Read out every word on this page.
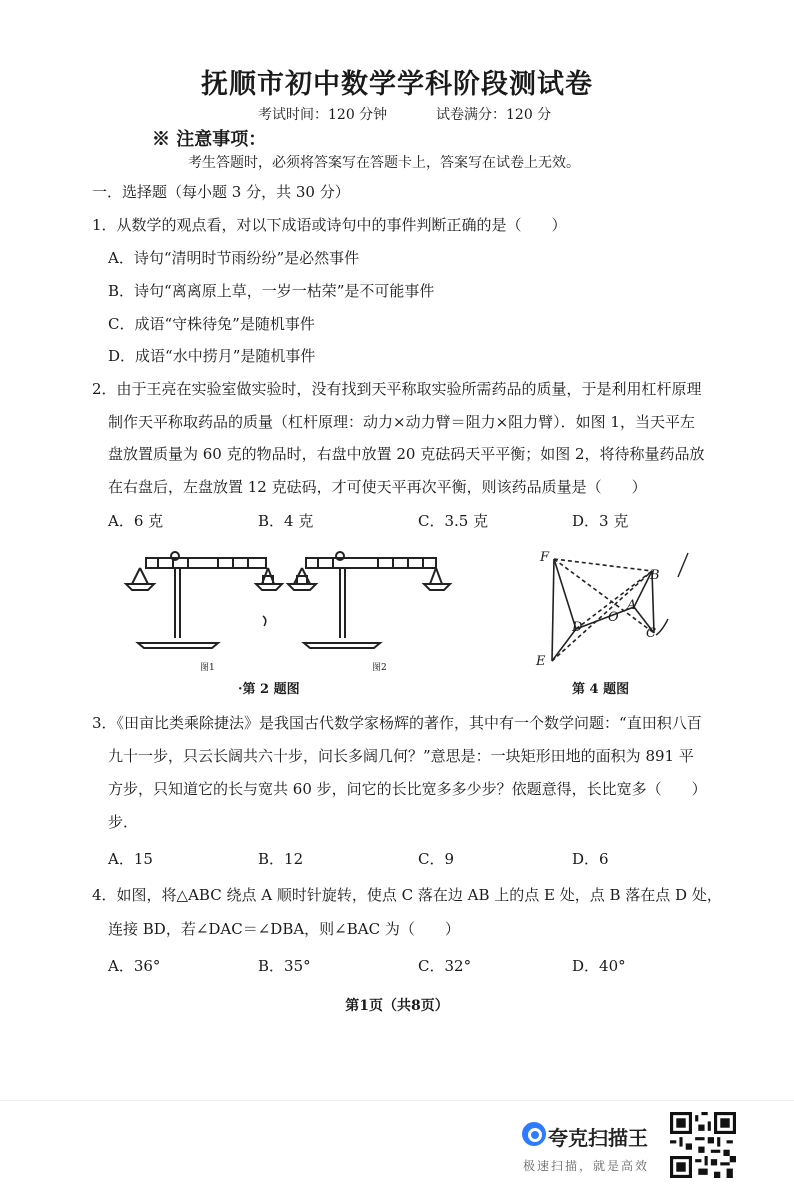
抚顺市初中数学学科阶段测试卷
考试时间：120 分钟	试卷满分：120 分
※ 注意事项：
考生答题时，必须将答案写在答题卡上，答案写在试卷上无效。
一．选择题（每小题 3 分，共 30 分）
1．从数学的观点看，对以下成语或诗句中的事件判断正确的是（　　）
A．诗句“清明时节雨纷纷”是必然事件
B．诗句“离离原上草，一岁一枯荣”是不可能事件
C．成语“守株待兔”是随机事件
D．成语“水中捞月”是随机事件
2．由于王亮在实验室做实验时，没有找到天平称取实验所需药品的质量，于是利用杠杆原理
制作天平称取药品的质量（杠杆原理：动力×动力臂＝阻力×阻力臂）．如图 1，当天平左
盘放置质量为 60 克的物品时，右盘中放置 20 克砝码天平平衡；如图 2，将待称量药品放
在右盘后，左盘放置 12 克砝码，才可使天平再次平衡，则该药品质量是（　　）
A．6 克	B．4 克	C．3.5 克	D．3 克
图1	图2
·第 2 题图
F
B
A
O
D	C
E
第 4 题图
3．《田亩比类乘除捷法》是我国古代数学家杨辉的著作，其中有一个数学问题：“直田积八百
九十一步，只云长阔共六十步，问长多阔几何？”意思是：一块矩形田地的面积为 891 平
方步，只知道它的长与宽共 60 步，问它的长比宽多多少步？依题意得，长比宽多（　　）
步．
A．15	B．12	C．9	D．6
4．如图，将△ABC 绕点 A 顺时针旋转，使点 C 落在边 AB 上的点 E 处，点 B 落在点 D 处，
连接 BD，若∠DAC＝∠DBA，则∠BAC 为（　　）
A．36°	B．35°	C．32°	D．40°
第1页（共8页）
夸克扫描王
极速扫描，就是高效
